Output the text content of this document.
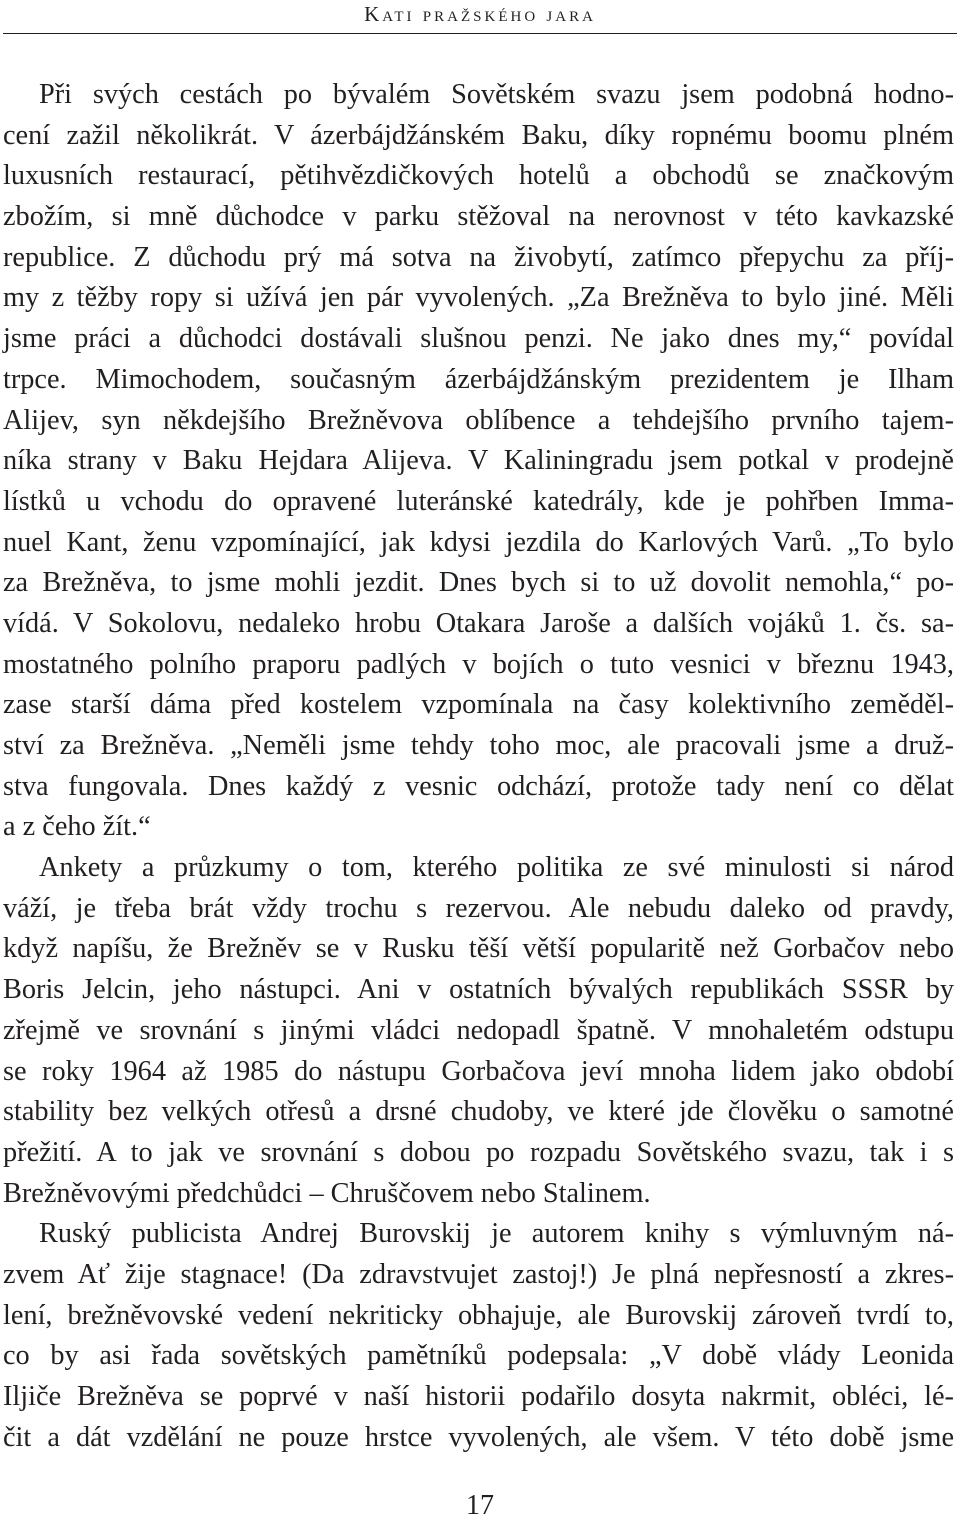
Kati pražského jara
Při svých cestách po bývalém Sovětském svazu jsem podobná hodno-
cení zažil několikrát. V ázerbájdžánském Baku, díky ropnému boomu plném
luxusních restaurací, pětihvězdičkových hotelů a obchodů se značkovým
zbožím, si mně důchodce v parku stěžoval na nerovnost v této kavkazské
republice. Z důchodu prý má sotva na živobytí, zatímco přepychu za příj-
my z těžby ropy si užívá jen pár vyvolených. „Za Brežněva to bylo jiné. Měli
jsme práci a důchodci dostávali slušnou penzi. Ne jako dnes my,“ povídal
trpce. Mimochodem, současným ázerbájdžánským prezidentem je Ilham
Alijev, syn někdejšího Brežněvova oblíbence a tehdejšího prvního tajem-
níka strany v Baku Hejdara Alijeva. V Kaliningradu jsem potkal v prodejně
lístků u vchodu do opravené luteránské katedrály, kde je pohřben Imma-
nuel Kant, ženu vzpomínající, jak kdysi jezdila do Karlových Varů. „To bylo
za Brežněva, to jsme mohli jezdit. Dnes bych si to už dovolit nemohla,“ po-
vídá. V Sokolovu, nedaleko hrobu Otakara Jaroše a dalších vojáků 1. čs. sa-
mostatného polního praporu padlých v bojích o tuto vesnici v březnu 1943,
zase starší dáma před kostelem vzpomínala na časy kolektivního zeměděl-
ství za Brežněva. „Neměli jsme tehdy toho moc, ale pracovali jsme a druž-
stva fungovala. Dnes každý z vesnic odchází, protože tady není co dělat
a z čeho žít.“
Ankety a průzkumy o tom, kterého politika ze své minulosti si národ
váží, je třeba brát vždy trochu s rezervou. Ale nebudu daleko od pravdy,
když napíšu, že Brežněv se v Rusku těší větší popularitě než Gorbačov nebo
Boris Jelcin, jeho nástupci. Ani v ostatních bývalých republikách SSSR by
zřejmě ve srovnání s jinými vládci nedopadl špatně. V mnohaletém odstupu
se roky 1964 až 1985 do nástupu Gorbačova jeví mnoha lidem jako období
stability bez velkých otřesů a drsné chudoby, ve které jde člověku o samotné
přežití. A to jak ve srovnání s dobou po rozpadu Sovětského svazu, tak i s
Brežněvovými předchůdci – Chruščovem nebo Stalinem.
Ruský publicista Andrej Burovskij je autorem knihy s výmluvným ná-
zvem Ať žije stagnace! (Da zdravstvujet zastoj!) Je plná nepřesností a zkres-
lení, brežněvovské vedení nekriticky obhajuje, ale Burovskij zároveň tvrdí to,
co by asi řada sovětských pamětníků podepsala: „V době vlády Leonida
Iljiče Brežněva se poprvé v naší historii podařilo dosyta nakrmit, obléci, lé-
čit a dát vzdělání ne pouze hrstce vyvolených, ale všem. V této době jsme
17
